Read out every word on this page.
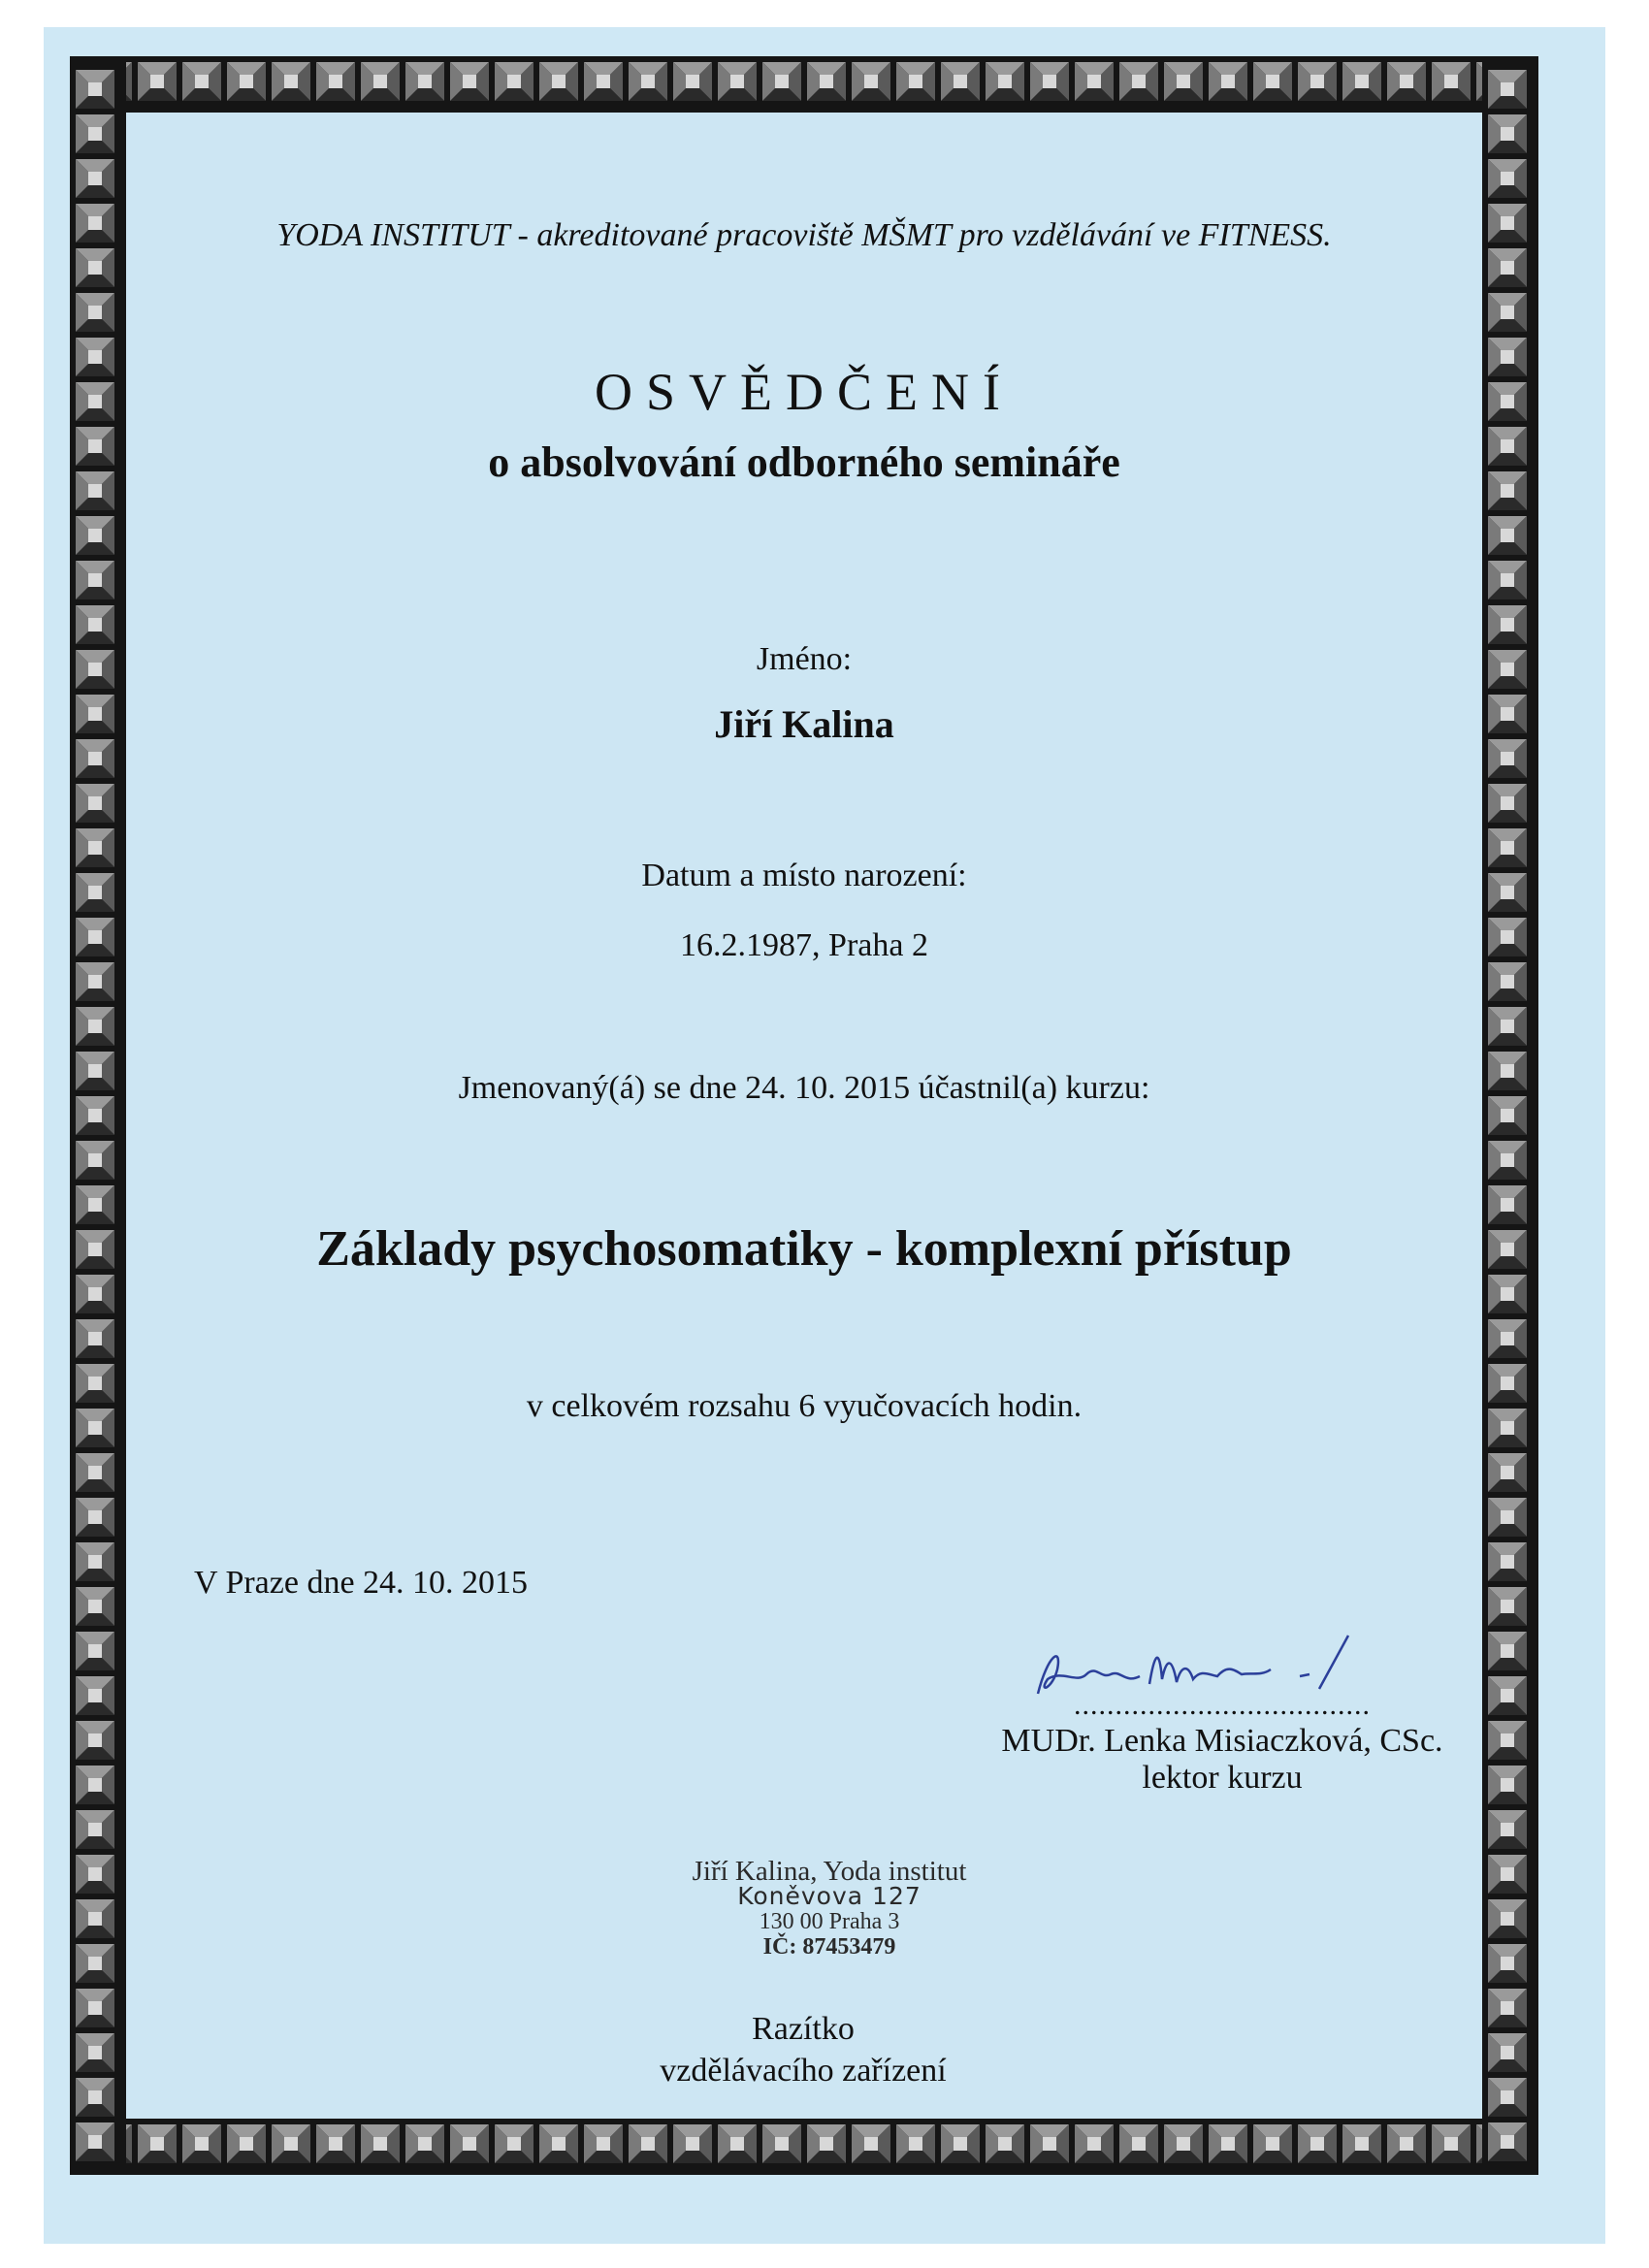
YODA INSTITUT - akreditované pracoviště MŠMT pro vzdělávání ve FITNESS.
OSVĚDČENÍ
o absolvování odborného semináře
Jméno:
Jiří Kalina
Datum a místo narození:
16.2.1987, Praha 2
Jmenovaný(á) se dne 24. 10. 2015 účastnil(a) kurzu:
Základy psychosomatiky - komplexní přístup
v celkovém rozsahu 6 vyučovacích hodin.
V Praze dne 24. 10. 2015
....................................
MUDr. Lenka Misiaczková, CSc.
lektor kurzu
Jiří Kalina, Yoda institut
Koněvova 127
130 00 Praha 3
IČ: 87453479
Razítko
vzdělávacího zařízení
